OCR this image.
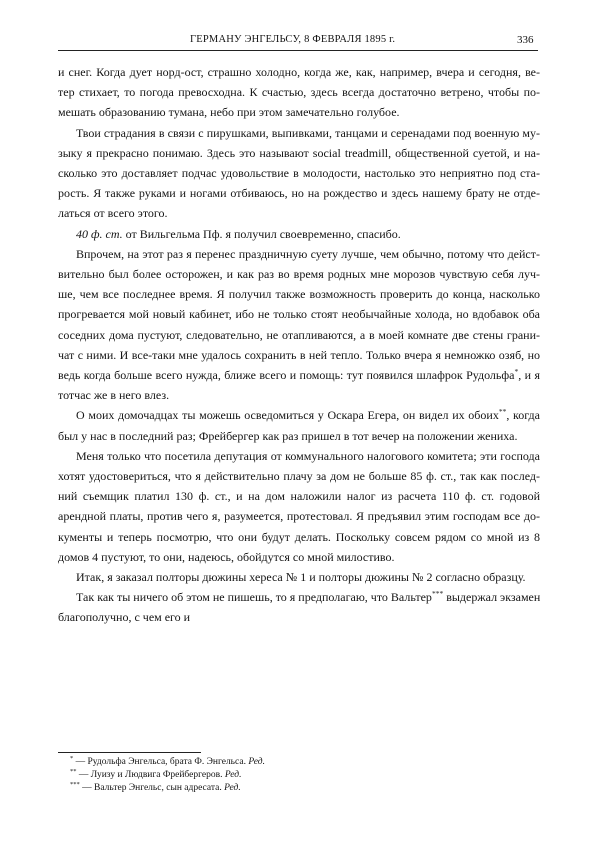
ГЕРМАНУ ЭНГЕЛЬСУ, 8 ФЕВРАЛЯ 1895 г.	336

и снег. Когда дует норд-ост, страшно холодно, когда же, как, например, вчера и сегодня, ве-
тер стихает, то погода превосходна. К счастью, здесь всегда достаточно ветрено, чтобы по-
мешать образованию тумана, небо при этом замечательно голубое.

Твои страдания в связи с пирушками, выпивками, танцами и серенадами под военную му-
зыку я прекрасно понимаю. Здесь это называют social treadmill, общественной суетой, и на-
сколько это доставляет подчас удовольствие в молодости, настолько это неприятно под ста-
рость. Я также руками и ногами отбиваюсь, но на рождество и здесь нашему брату не отде-
латься от всего этого.

40 ф. ст. от Вильгельма Пф. я получил своевременно, спасибо.

Впрочем, на этот раз я перенес праздничную суету лучше, чем обычно, потому что дейст-
вительно был более осторожен, и как раз во время родных мне морозов чувствую себя луч-
ше, чем все последнее время. Я получил также возможность проверить до конца, насколько
прогревается мой новый кабинет, ибо не только стоят необычайные холода, но вдобавок оба
соседних дома пустуют, следовательно, не отапливаются, а в моей комнате две стены грани-
чат с ними. И все-таки мне удалось сохранить в ней тепло. Только вчера я немножко озяб, но
ведь когда больше всего нужда, ближе всего и помощь: тут появился шлафрок Рудольфа*, и я
тотчас же в него влез.

О моих домочадцах ты можешь осведомиться у Оскара Егера, он видел их обоих**, когда
был у нас в последний раз; Фрейбергер как раз пришел в тот вечер на положении жениха.

Меня только что посетила депутация от коммунального налогового комитета; эти господа
хотят удостовериться, что я действительно плачу за дом не больше 85 ф. ст., так как послед-
ний съемщик платил 130 ф. ст., и на дом наложили налог из расчета 110 ф. ст. годовой
арендной платы, против чего я, разумеется, протестовал. Я предъявил этим господам все до-
кументы и теперь посмотрю, что они будут делать. Поскольку совсем рядом со мной из 8
домов 4 пустуют, то они, надеюсь, обойдутся со мной милостиво.

Итак, я заказал полторы дюжины хереса № 1 и полторы дюжины № 2 согласно образцу.

Так как ты ничего об этом не пишешь, то я предполагаю, что Вальтер*** выдержал экзамен
благополучно, с чем его и

* — Рудольфа Энгельса, брата Ф. Энгельса. Ред.
** — Луизу и Людвига Фрейбергеров. Ред.
*** — Вальтер Энгельс, сын адресата. Ред.
